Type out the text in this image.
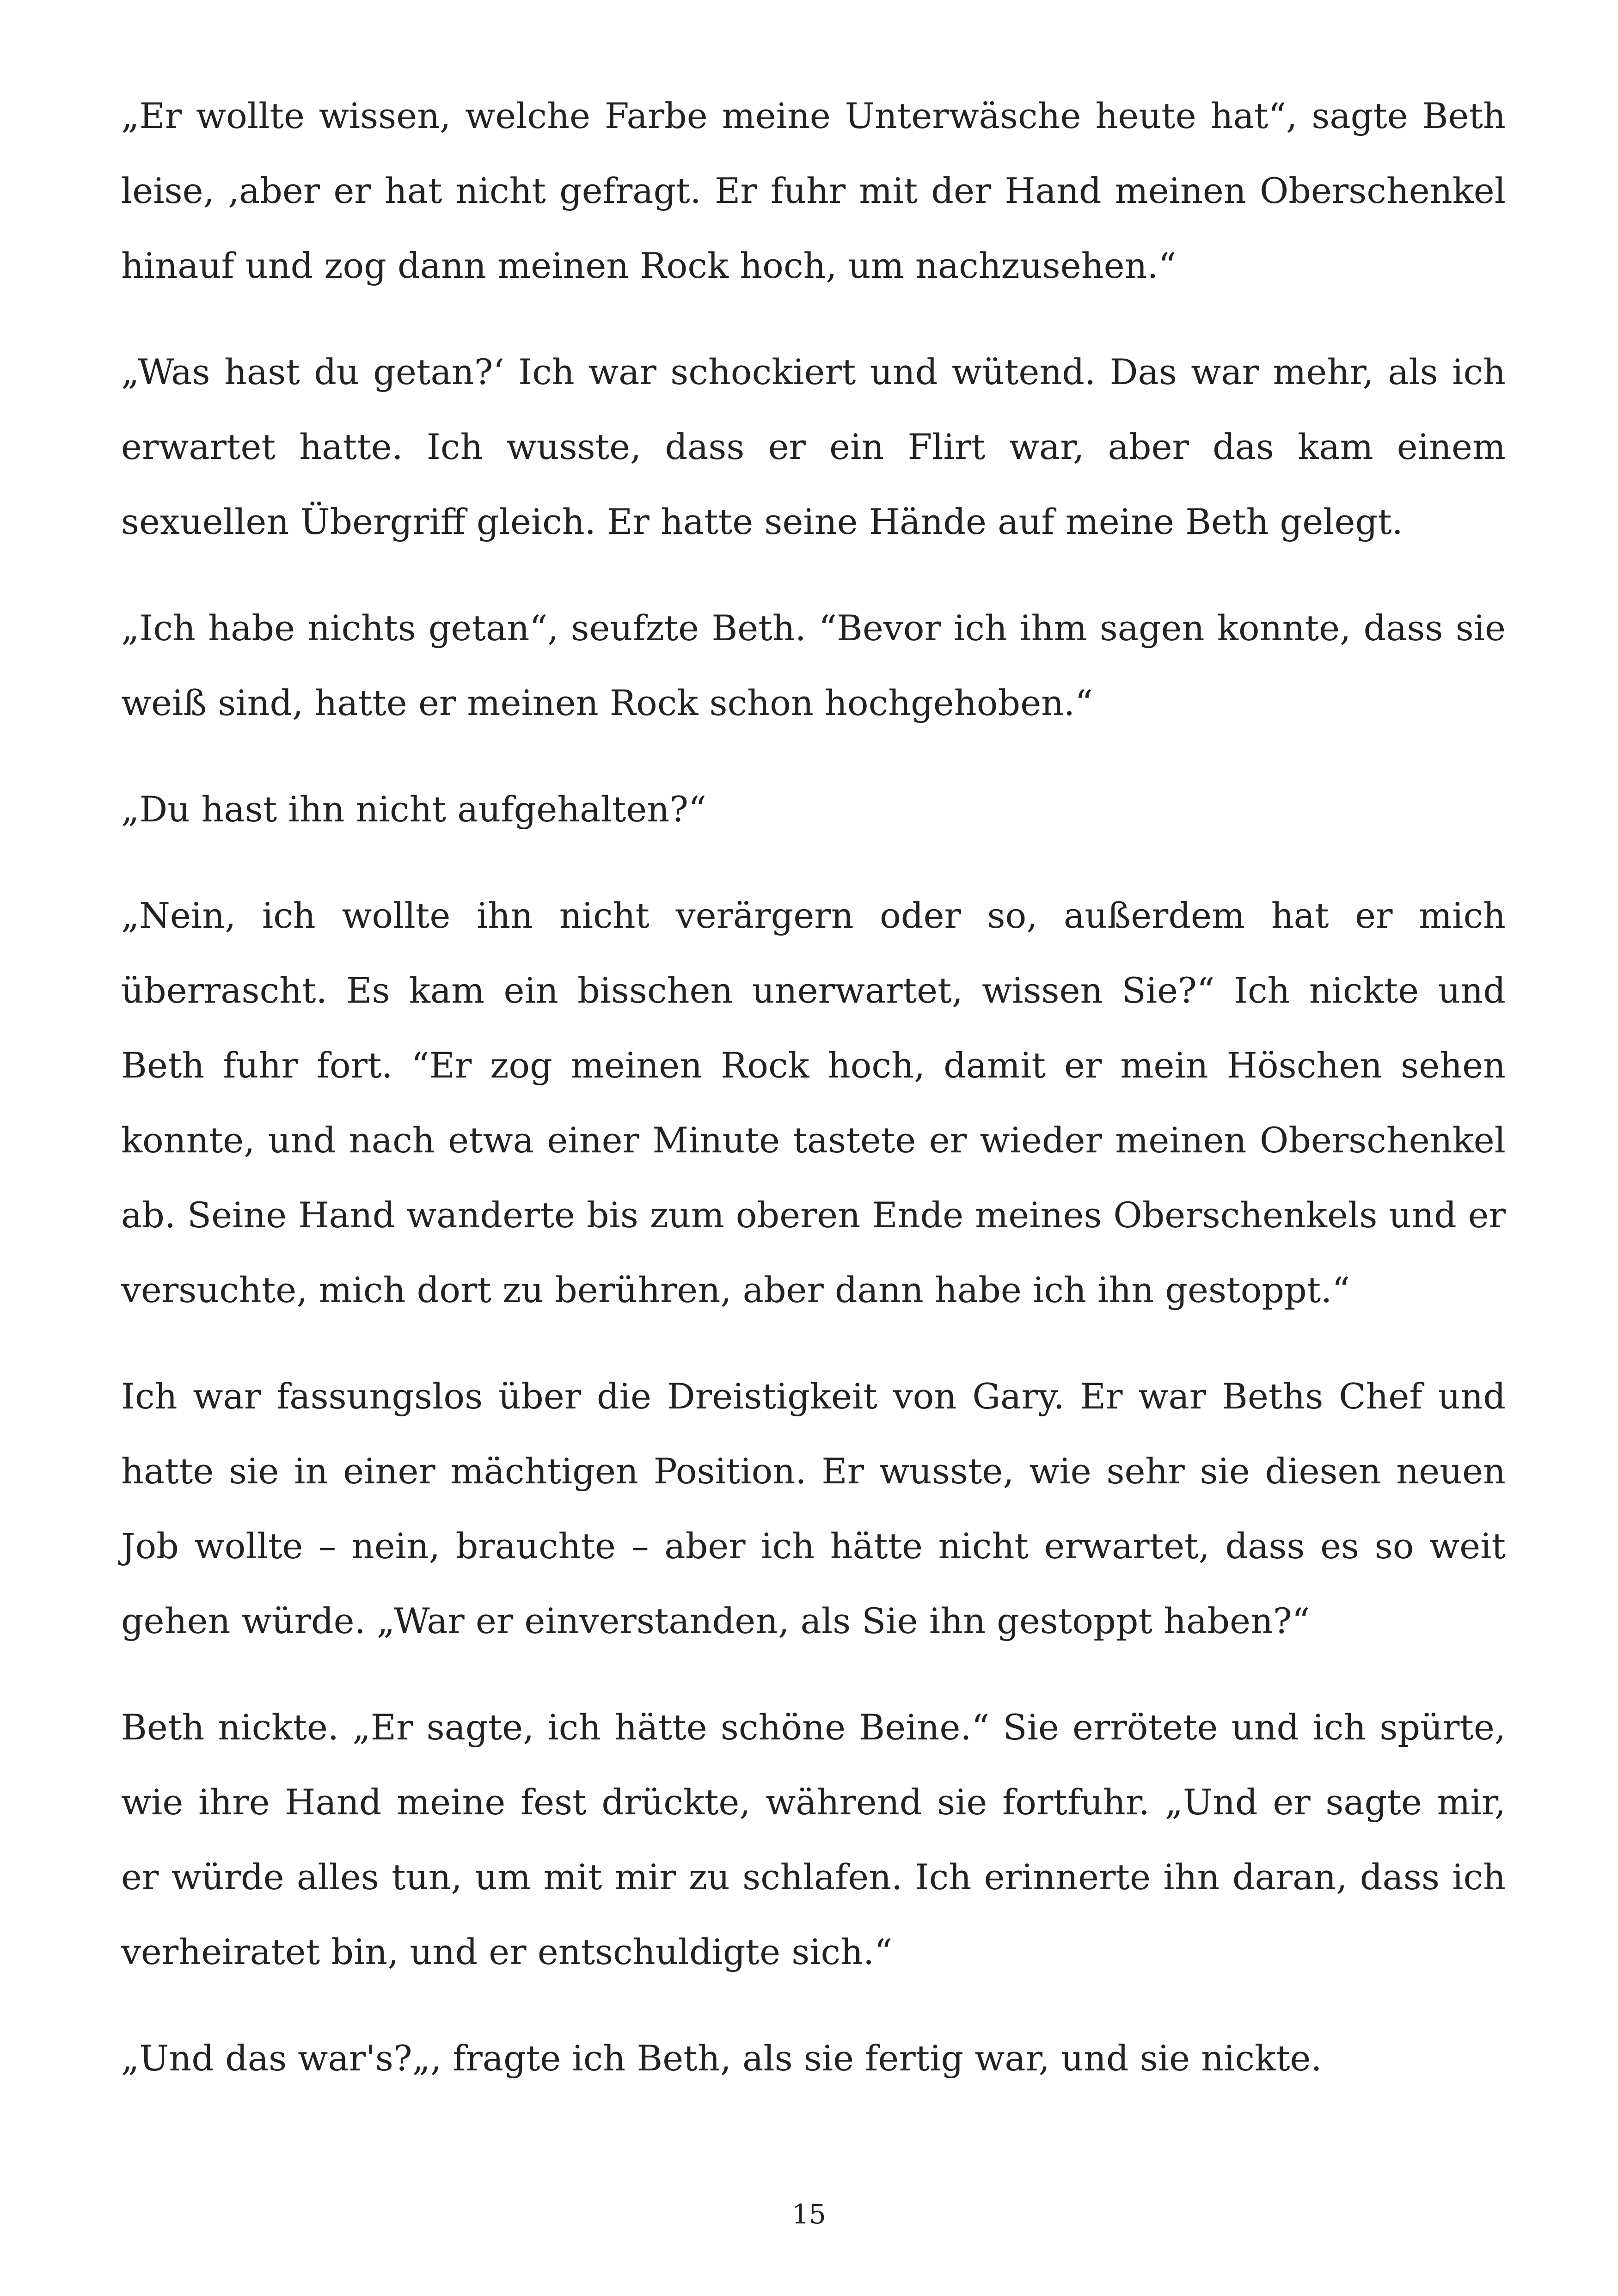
„Er wollte wissen, welche Farbe meine Unterwäsche heute hat“, sagte Beth leise, ‚aber er hat nicht gefragt. Er fuhr mit der Hand meinen Oberschenkel hinauf und zog dann meinen Rock hoch, um nachzusehen.“

„Was hast du getan?‘ Ich war schockiert und wütend. Das war mehr, als ich erwartet hatte. Ich wusste, dass er ein Flirt war, aber das kam einem sexuellen Übergriff gleich. Er hatte seine Hände auf meine Beth gelegt.

„Ich habe nichts getan“, seufzte Beth. “Bevor ich ihm sagen konnte, dass sie weiß sind, hatte er meinen Rock schon hochgehoben.“

„Du hast ihn nicht aufgehalten?“

„Nein, ich wollte ihn nicht verärgern oder so, außerdem hat er mich überrascht. Es kam ein bisschen unerwartet, wissen Sie?“ Ich nickte und Beth fuhr fort. “Er zog meinen Rock hoch, damit er mein Höschen sehen konnte, und nach etwa einer Minute tastete er wieder meinen Oberschenkel ab. Seine Hand wanderte bis zum oberen Ende meines Oberschenkels und er versuchte, mich dort zu berühren, aber dann habe ich ihn gestoppt.“

Ich war fassungslos über die Dreistigkeit von Gary. Er war Beths Chef und hatte sie in einer mächtigen Position. Er wusste, wie sehr sie diesen neuen Job wollte – nein, brauchte – aber ich hätte nicht erwartet, dass es so weit gehen würde. „War er einverstanden, als Sie ihn gestoppt haben?“

Beth nickte. „Er sagte, ich hätte schöne Beine.“ Sie errötete und ich spürte, wie ihre Hand meine fest drückte, während sie fortfuhr. „Und er sagte mir, er würde alles tun, um mit mir zu schlafen. Ich erinnerte ihn daran, dass ich verheiratet bin, und er entschuldigte sich.“

„Und das war's?„, fragte ich Beth, als sie fertig war, und sie nickte.

15
